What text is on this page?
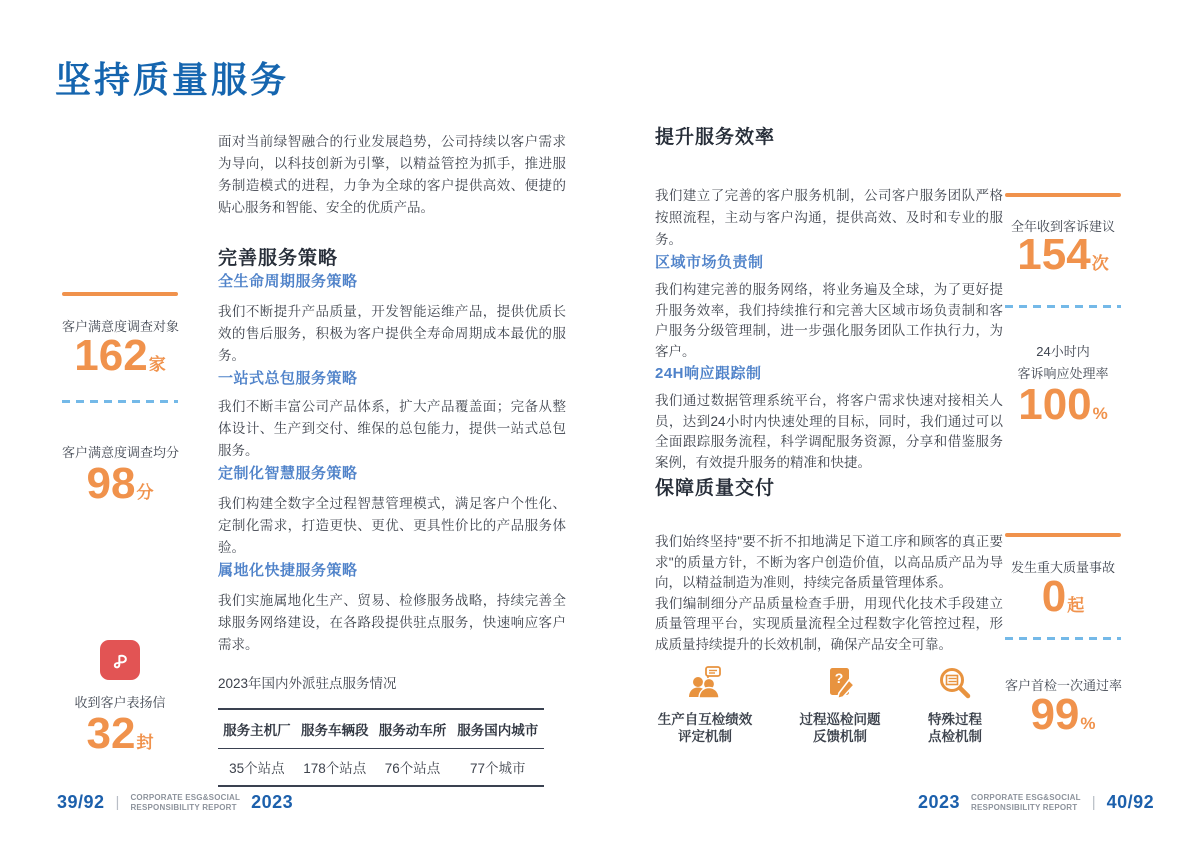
坚持质量服务
客户满意度调查对象
162家
客户满意度调查均分
98分
收到客户表扬信
32封

面对当前绿智融合的行业发展趋势，公司持续以客户需求为导向，以科技创新为引擎，以精益管控为抓手，推进服务制造模式的进程，力争为全球的客户提供高效、便捷的贴心服务和智能、安全的优质产品。

完善服务策略
全生命周期服务策略

我们不断提升产品质量，开发智能运维产品，提供优质长效的售后服务，积极为客户提供全寿命周期成本最优的服务。

一站式总包服务策略

我们不断丰富公司产品体系，扩大产品覆盖面；完备从整体设计、生产到交付、维保的总包能力，提供一站式总包服务。

定制化智慧服务策略

我们构建全数字全过程智慧管理模式，满足客户个性化、定制化需求，打造更快、更优、更具性价比的产品服务体验。

属地化快捷服务策略

我们实施属地化生产、贸易、检修服务战略，持续完善全球服务网络建设，在各路段提供驻点服务，快速响应客户需求。

2023年国内外派驻点服务情况

服务主机厂	服务车辆段	服务动车所	服务国内城市
35个站点	178个站点	76个站点	77个城市
提升服务效率

我们建立了完善的客户服务机制，公司客户服务团队严格按照流程，主动与客户沟通，提供高效、及时和专业的服务。

区域市场负责制

我们构建完善的服务网络，将业务遍及全球，为了更好提升服务效率，我们持续推行和完善大区域市场负责制和客户服务分级管理制，进一步强化服务团队工作执行力，为客户。

24H响应跟踪制

我们通过数据管理系统平台，将客户需求快速对接相关人员，达到24小时内快速处理的目标，同时，我们通过可以全面跟踪服务流程，科学调配服务资源，分享和借鉴服务案例，有效提升服务的精准和快捷。

保障质量交付

我们始终坚持"要不折不扣地满足下道工序和顾客的真正要求"的质量方针，不断为客户创造价值，以高品质产品为导向，以精益制造为准则，持续完备质量管理体系。

我们编制细分产品质量检查手册，用现代化技术手段建立质量管理平台，实现质量流程全过程数字化管控过程，形成质量持续提升的长效机制，确保产品安全可靠。

生产自互检绩效
评定机制
?
过程巡检问题
反馈机制
特殊过程
点检机制
全年收到客诉建议
154次
24小时内
客诉响应处理率
100%
发生重大质量事故
0起
客户首检一次通过率
99%
39/92 | CORPORATE ESG&SOCIAL
RESPONSIBILITY REPORT 2023	2023 CORPORATE ESG&SOCIAL
RESPONSIBILITY REPORT | 40/92
